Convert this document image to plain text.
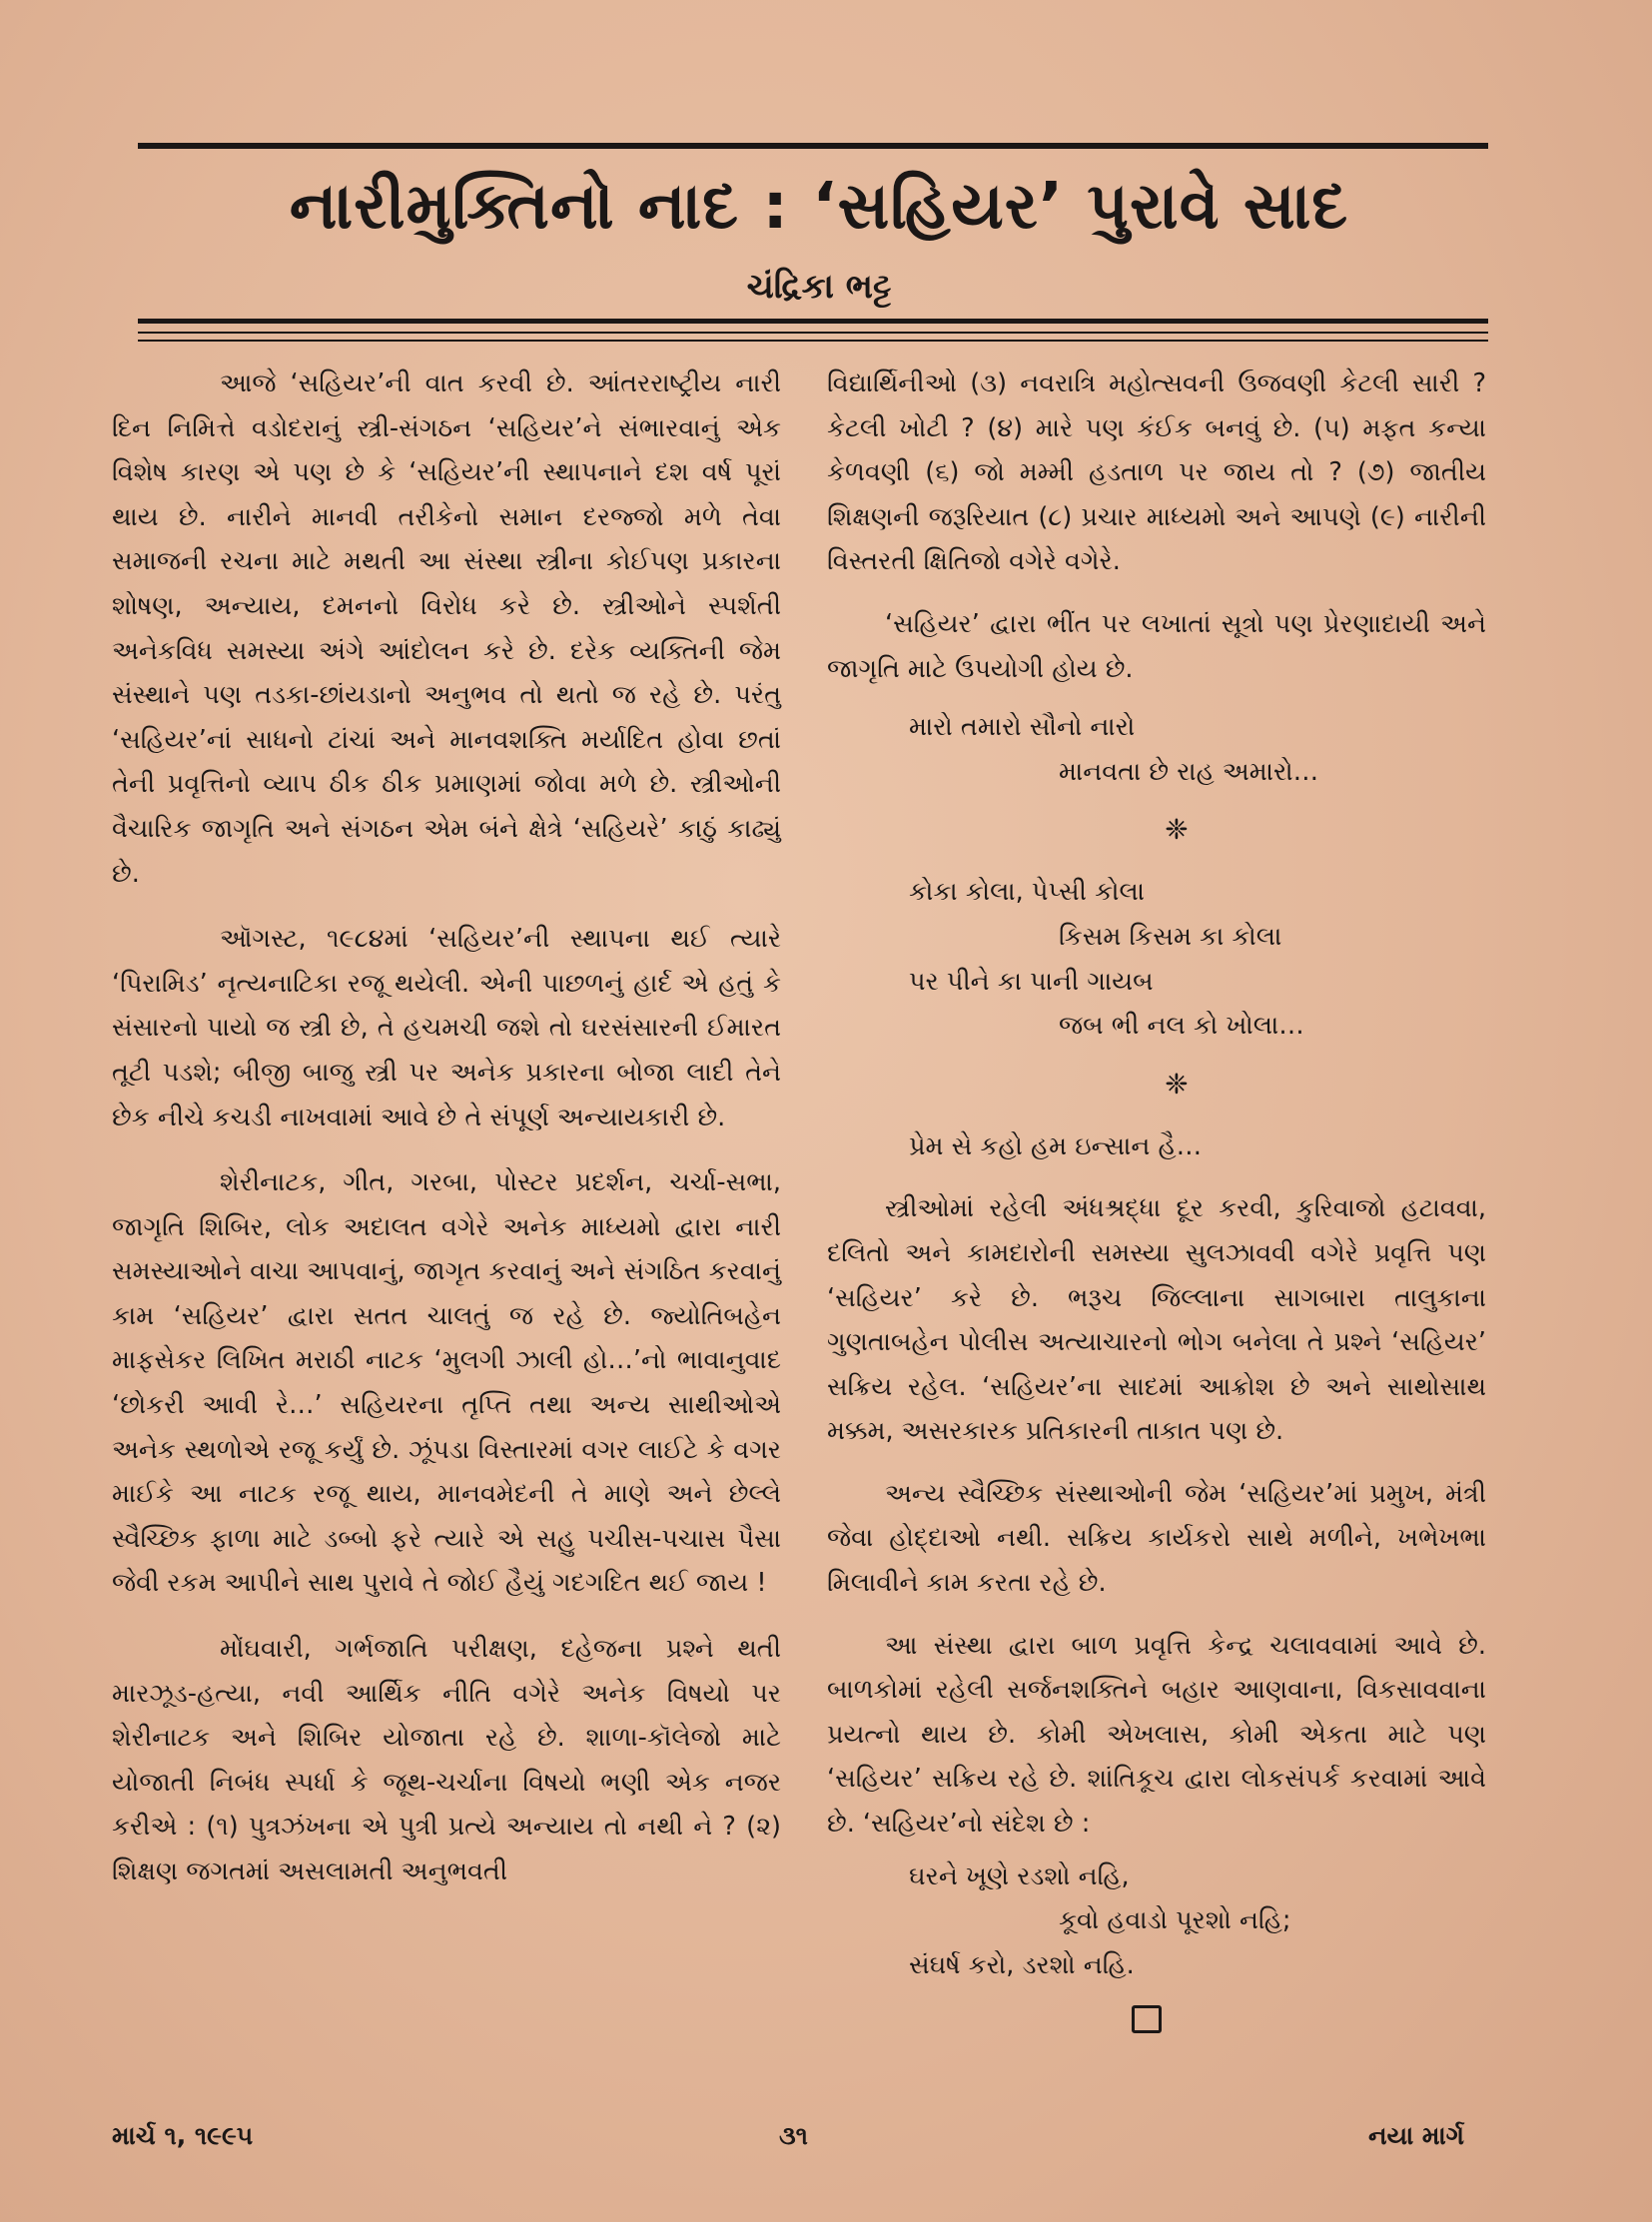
નારીમુક્તિનો નાદ : ‘સહિયર’ પુરાવે સાદ
ચંદ્રિકા ભટ્ટ

આજે ‘સહિયર’ની વાત કરવી છે. આંતરરાષ્ટ્રીય નારી દિન નિમિત્તે વડોદરાનું સ્ત્રી-સંગઠન ‘સહિયર’ને સંભારવાનું એક વિશેષ કારણ એ પણ છે કે ‘સહિયર’ની સ્થાપનાને દશ વર્ષ પૂરાં થાય છે. નારીને માનવી તરીકેનો સમાન દરજ્જો મળે તેવા સમાજની રચના માટે મથતી આ સંસ્થા સ્ત્રીના કોઈપણ પ્રકારના શોષણ, અન્યાય, દમનનો વિરોધ કરે છે. સ્ત્રીઓને સ્પર્શતી અનેકવિધ સમસ્યા અંગે આંદોલન કરે છે. દરેક વ્યક્તિની જેમ સંસ્થાને પણ તડકા-છાંયડાનો અનુભવ તો થતો જ રહે છે. પરંતુ ‘સહિયર’નાં સાધનો ટાંચાં અને માનવશક્તિ મર્યાદિત હોવા છતાં તેની પ્રવૃત્તિનો વ્યાપ ઠીક ઠીક પ્રમાણમાં જોવા મળે છે. સ્ત્રીઓની વૈચારિક જાગૃતિ અને સંગઠન એમ બંને ક્ષેત્રે ‘સહિયરે’ કાઠું કાઢ્યું છે.

ઑગસ્ટ, ૧૯૮૪માં ‘સહિયર’ની સ્થાપના થઈ ત્યારે ‘પિરામિડ’ નૃત્યનાટિકા રજૂ થયેલી. એની પાછળનું હાર્દ એ હતું કે સંસારનો પાયો જ સ્ત્રી છે, તે હચમચી જશે તો ઘરસંસારની ઈમારત તૂટી પડશે; બીજી બાજુ સ્ત્રી પર અનેક પ્રકારના બોજા લાદી તેને છેક નીચે કચડી નાખવામાં આવે છે તે સંપૂર્ણ અન્યાયકારી છે.

શેરીનાટક, ગીત, ગરબા, પોસ્ટર પ્રદર્શન, ચર્ચા-સભા, જાગૃતિ શિબિર, લોક અદાલત વગેરે અનેક માધ્યમો દ્વારા નારી સમસ્યાઓને વાચા આપવાનું, જાગૃત કરવાનું અને સંગઠિત કરવાનું કામ ‘સહિયર’ દ્વારા સતત ચાલતું જ રહે છે. જ્યોતિબહેન માફસેકર લિખિત મરાઠી નાટક ‘મુલગી ઝાલી હો…’નો ભાવાનુવાદ ‘છોકરી આવી રે…’ સહિયરના તૃપ્તિ તથા અન્ય સાથીઓએ અનેક સ્થળોએ રજૂ કર્યું છે. ઝૂંપડા વિસ્તારમાં વગર લાઈટે કે વગર માઈકે આ નાટક રજૂ થાય, માનવમેદની તે માણે અને છેલ્લે સ્વૈચ્છિક ફાળા માટે ડબ્બો ફરે ત્યારે એ સહુ પચીસ-પચાસ પૈસા જેવી રકમ આપીને સાથ પુરાવે તે જોઈ હૈયું ગદગદિત થઈ જાય !

મોંઘવારી, ગર્ભજાતિ પરીક્ષણ, દહેજના પ્રશ્ને થતી મારઝૂડ-હત્યા, નવી આર્થિક નીતિ વગેરે અનેક વિષયો પર શેરીનાટક અને શિબિર યોજાતા રહે છે. શાળા-કૉલેજો માટે યોજાતી નિબંધ સ્પર્ધા કે જૂથ-ચર્ચાના વિષયો ભણી એક નજર કરીએ : (૧) પુત્રઝંખના એ પુત્રી પ્રત્યે અન્યાય તો નથી ને ? (૨) શિક્ષણ જગતમાં અસલામતી અનુભવતી

વિદ્યાર્થિનીઓ (૩) નવરાત્રિ મહોત્સવની ઉજવણી કેટલી સારી ? કેટલી ખોટી ? (૪) મારે પણ કંઈક બનવું છે. (૫) મફત કન્યા કેળવણી (૬) જો મમ્મી હડતાળ પર જાય તો ? (૭) જાતીય શિક્ષણની જરૂરિયાત (૮) પ્રચાર માધ્યમો અને આપણે (૯) નારીની વિસ્તરતી ક્ષિતિજો વગેરે વગેરે.

‘સહિયર’ દ્વારા ભીંત પર લખાતાં સૂત્રો પણ પ્રેરણાદાયી અને જાગૃતિ માટે ઉપયોગી હોય છે.

મારો તમારો સૌનો નારો
માનવતા છે રાહ અમારો…
❈
કોકા કોલા, પેપ્સી કોલા
કિસમ કિસમ કા કોલા
પર પીને કા પાની ગાયબ
જબ ભી નલ કો ખોલા…
❈
પ્રેમ સે કહો હમ ઇન્સાન હૈ…

સ્ત્રીઓમાં રહેલી અંધશ્રદ્ધા દૂર કરવી, કુરિવાજો હટાવવા, દલિતો અને કામદારોની સમસ્યા સુલઝાવવી વગેરે પ્રવૃત્તિ પણ ‘સહિયર’ કરે છે. ભરૂચ જિલ્લાના સાગબારા તાલુકાના ગુણતાબહેન પોલીસ અત્યાચારનો ભોગ બનેલા તે પ્રશ્ને ‘સહિયર’ સક્રિય રહેલ. ‘સહિયર’ના સાદમાં આક્રોશ છે અને સાથોસાથ મક્કમ, અસરકારક પ્રતિકારની તાકાત પણ છે.

અન્ય સ્વૈચ્છિક સંસ્થાઓની જેમ ‘સહિયર’માં પ્રમુખ, મંત્રી જેવા હોદ્દાઓ નથી. સક્રિય કાર્યકરો સાથે મળીને, ખભેખભા મિલાવીને કામ કરતા રહે છે.

આ સંસ્થા દ્વારા બાળ પ્રવૃત્તિ કેન્દ્ર ચલાવવામાં આવે છે. બાળકોમાં રહેલી સર્જનશક્તિને બહાર આણવાના, વિકસાવવાના પ્રયત્નો થાય છે. કોમી એખલાસ, કોમી એકતા માટે પણ ‘સહિયર’ સક્રિય રહે છે. શાંતિકૂચ દ્વારા લોકસંપર્ક કરવામાં આવે છે. ‘સહિયર’નો સંદેશ છે :

ઘરને ખૂણે રડશો નહિ,
કૂવો હવાડો પૂરશો નહિ;
સંઘર્ષ કરો, ડરશો નહિ.
માર્ચ ૧, ૧૯૯૫	૩૧	નયા માર્ગ
